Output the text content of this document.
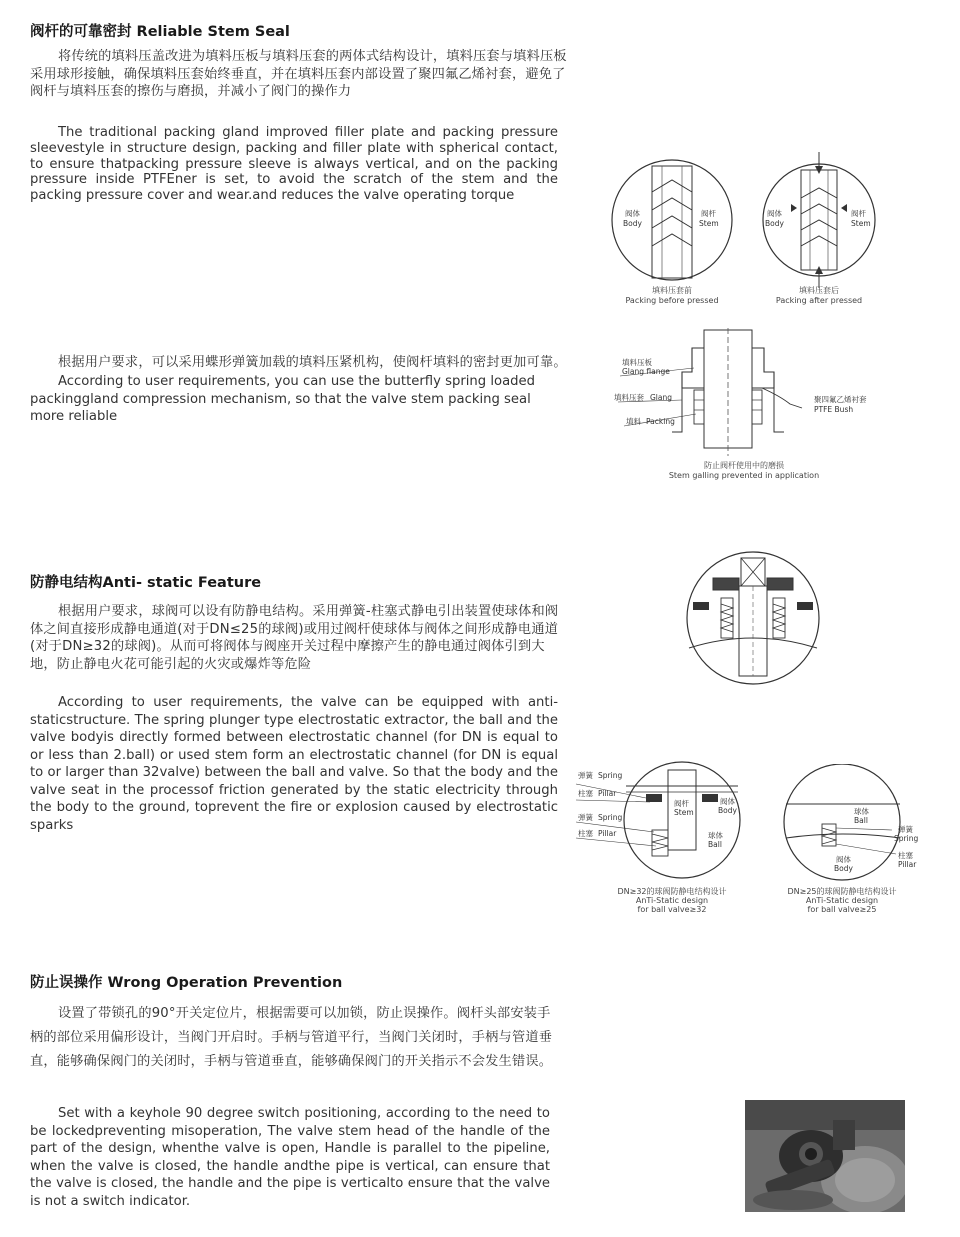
阀杆的可靠密封 Reliable Stem Seal

将传统的填料压盖改进为填料压板与填料压套的两体式结构设计，填料压套与填料压板采用球形接触，确保填料压套始终垂直，并在填料压套内部设置了聚四氟乙烯衬套，避免了阀杆与填料压套的擦伤与磨损，并减小了阀门的操作力

The traditional packing gland improved filler plate and packing pressure sleevestyle in structure design, packing and filler plate with spherical contact, to ensure thatpacking pressure sleeve is always vertical, and on the packing pressure inside PTFEner is set, to avoid the scratch of the stem and the packing pressure cover and wear.and reduces the valve operating torque

阀体
Body
阀杆
Stem
填料压套前
Packing before pressed
阀体
Body
阀杆
Stem
填料压套后
Packing after pressed

根据用户要求，可以采用蝶形弹簧加载的填料压紧机构，使阀杆填料的密封更加可靠。

According to user requirements, you can use the butterfly spring loaded packinggland compression mechanism, so that the valve stem packing seal more reliable

填料压板
Glang flange
填料压套 Glang
填料 Packing
聚四氟乙烯衬套
PTFE Bush
防止阀杆使用中的磨损
Stem galling prevented in application
防静电结构Anti- static Feature

根据用户要求，球阀可以设有防静电结构。采用弹簧-柱塞式静电引出装置使球体和阀体之间直接形成静电通道(对于DN≤25的球阀)或用过阀杆使球体与阀体之间形成静电通道(对于DN≥32的球阀)。从而可将阀体与阀座开关过程中摩擦产生的静电通过阀体引到大地，防止静电火花可能引起的火灾或爆炸等危险

According to user requirements, the valve can be equipped with anti-staticstructure. The spring plunger type electrostatic extractor, the ball and the valve bodyis directly formed between electrostatic channel (for DN is equal to or less than 2.ball) or used stem form an electrostatic channel (for DN is equal to or larger than 32valve) between the ball and valve. So that the body and the valve seat in the processof friction generated by the static electricity through the body to the ground, toprevent the fire or explosion caused by electrostatic sparks

弹簧 Spring
柱塞 Pillar
弹簧 Spring
柱塞 Pillar
阀杆
Stem
阀体
Body
球体
Ball
DN≥32的球阀防静电结构设计
AnTi-Static design
for ball valve≥32
球体
Ball
弹簧
Spring
柱塞
Pillar
阀体
Body
DN≥25的球阀防静电结构设计
AnTi-Static design
for ball valve≥25
防止误操作 Wrong Operation Prevention

设置了带锁孔的90°开关定位片，根据需要可以加锁，防止误操作。阀杆头部安装手柄的部位采用偏形设计，当阀门开启时。手柄与管道平行，当阀门关闭时，手柄与管道垂直，能够确保阀门的关闭时，手柄与管道垂直，能够确保阀门的开关指示不会发生错误。

Set with a keyhole 90 degree switch positioning, according to the need to be lockedpreventing misoperation, The valve stem head of the handle of the part of the design, whenthe valve is open, Handle is parallel to the pipeline, when the valve is closed, the handle andthe pipe is vertical, can ensure that the valve is closed, the handle and the pipe is verticalto ensure that the valve is not a switch indicator.
